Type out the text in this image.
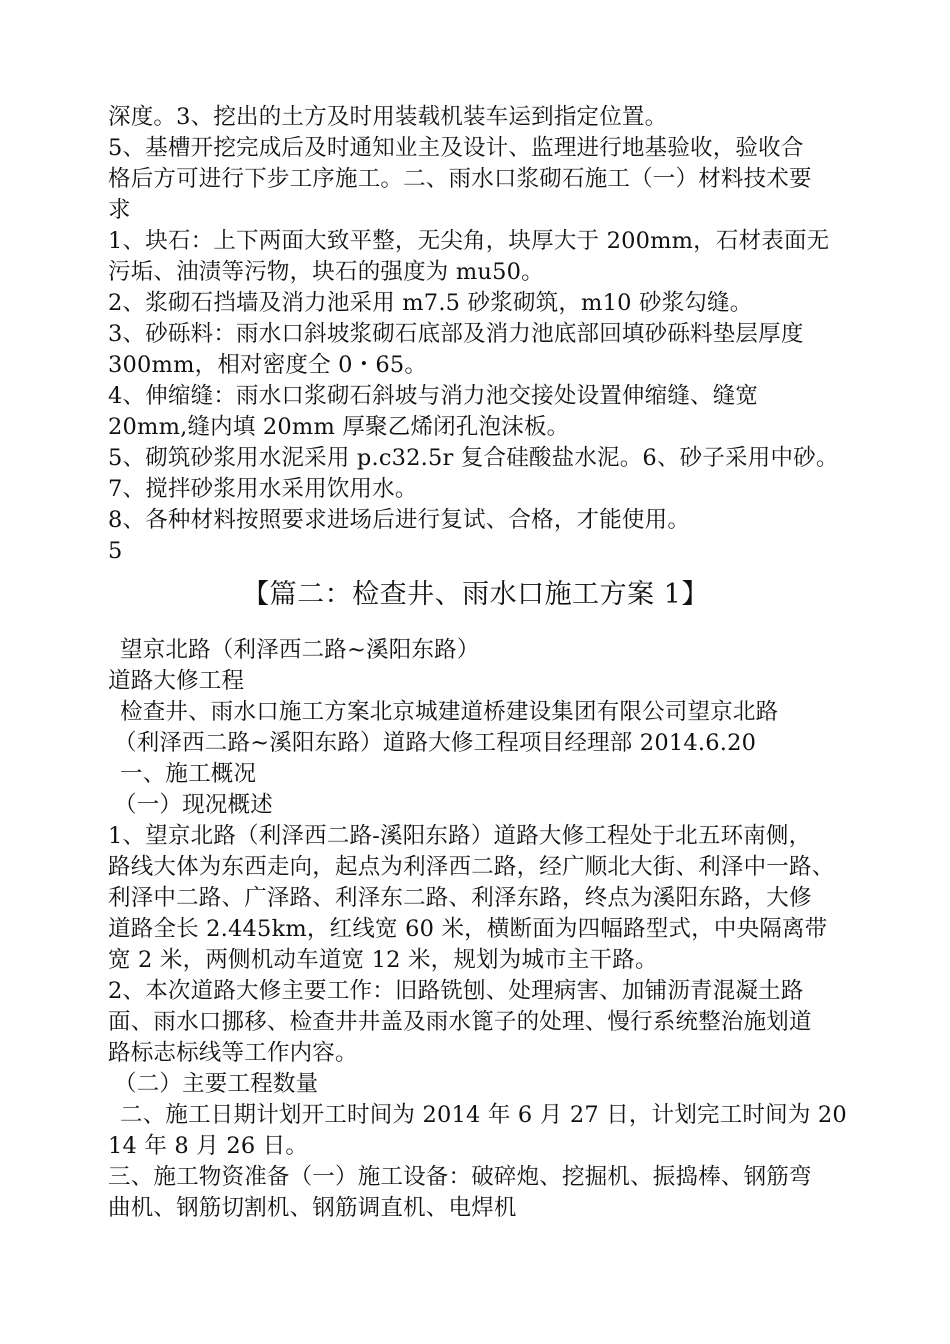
深度。3、挖出的土方及时用装载机装车运到指定位置。
5、基槽开挖完成后及时通知业主及设计、监理进行地基验收，验收合
格后方可进行下步工序施工。二、雨水口浆砌石施工（一）材料技术要
求
1、块石：上下两面大致平整，无尖角，块厚大于 200mm，石材表面无
污垢、油渍等污物，块石的强度为 mu50。
2、浆砌石挡墙及消力池采用 m7.5 砂浆砌筑，m10 砂浆勾缝。
3、砂砾料：雨水口斜坡浆砌石底部及消力池底部回填砂砾料垫层厚度
300mm，相对密度仝 0・65。
4、伸缩缝：雨水口浆砌石斜坡与消力池交接处设置伸缩缝、缝宽
20mm,缝内填 20mm 厚聚乙烯闭孔泡沫板。
5、砌筑砂浆用水泥采用 p.c32.5r 复合硅酸盐水泥。6、砂子采用中砂。
7、搅拌砂浆用水采用饮用水。
8、各种材料按照要求进场后进行复试、合格，才能使用。
5
【篇二：检查井、雨水口施工方案 1】
望京北路（利泽西二路~溪阳东路）
道路大修工程
检查井、雨水口施工方案北京城建道桥建设集团有限公司望京北路
（利泽西二路~溪阳东路）道路大修工程项目经理部 2014.6.20
一、施工概况
（一）现况概述
1、望京北路（利泽西二路-溪阳东路）道路大修工程处于北五环南侧，
路线大体为东西走向，起点为利泽西二路，经广顺北大街、利泽中一路、
利泽中二路、广泽路、利泽东二路、利泽东路，终点为溪阳东路，大修
道路全长 2.445km，红线宽 60 米，横断面为四幅路型式，中央隔离带
宽 2 米，两侧机动车道宽 12 米，规划为城市主干路。
2、本次道路大修主要工作：旧路铣刨、处理病害、加铺沥青混凝土路
面、雨水口挪移、检查井井盖及雨水篦子的处理、慢行系统整治施划道
路标志标线等工作内容。
（二）主要工程数量
二、施工日期计划开工时间为 2014 年 6 月 27 日，计划完工时间为 20
14 年 8 月 26 日。
三、施工物资准备（一）施工设备：破碎炮、挖掘机、振捣棒、钢筋弯
曲机、钢筋切割机、钢筋调直机、电焊机
